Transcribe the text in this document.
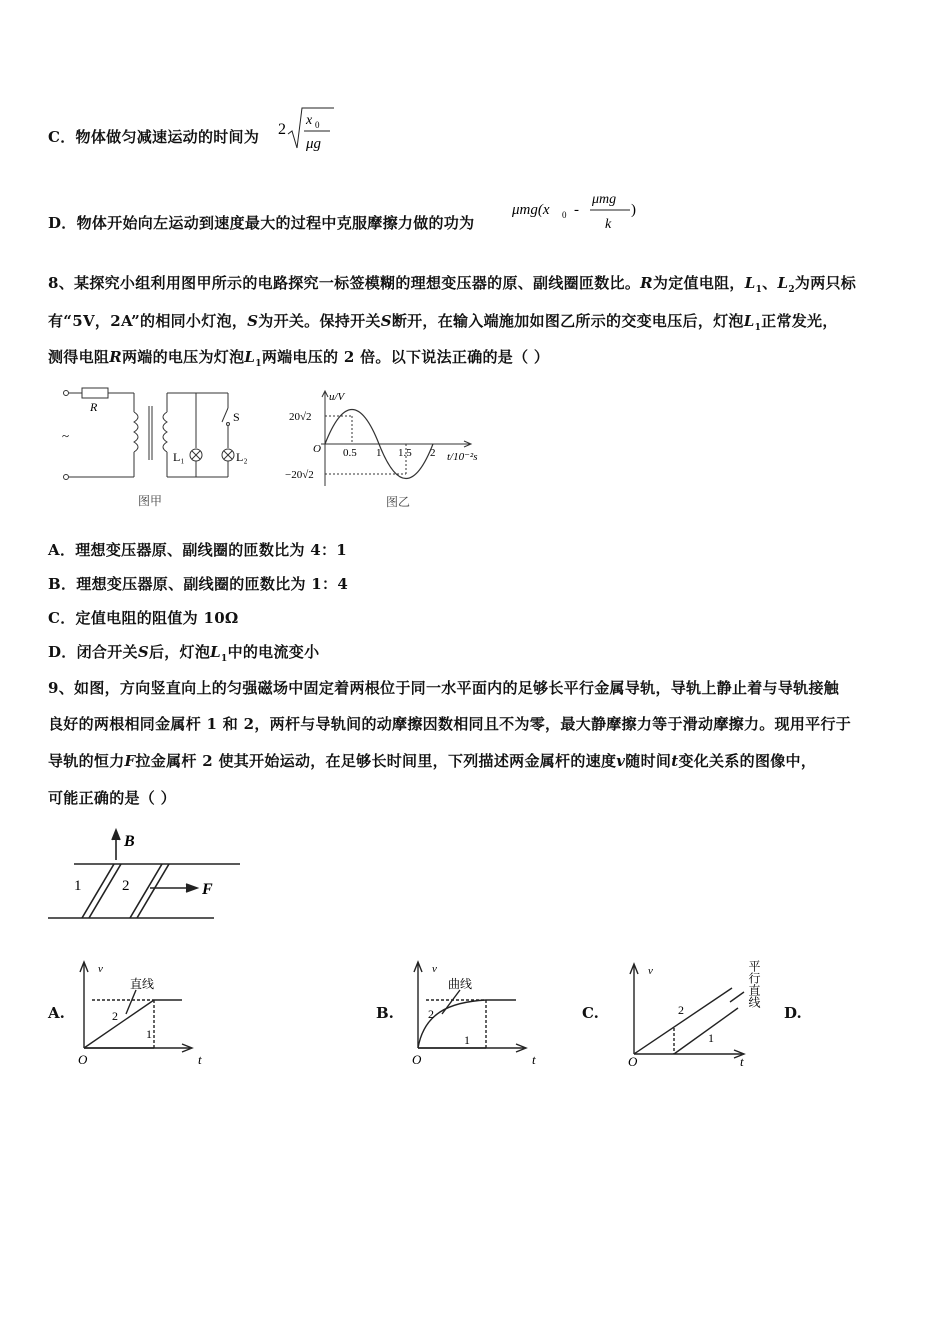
C．物体做匀减速运动的时间为 2
x 0
μg
D．物体开始向左运动到速度最大的过程中克服摩擦力做的功为
μmg(x 0 -
μmg
k
)
8、某探究小组利用图甲所示的电路探究一标签模糊的理想变压器的原、副线圈匝数比。R为定值电阻，$L_1$、$L_2$为两只标
有“5V，2A”的相同小灯泡，S为开关。保持开关S断开，在输入端施加如图乙所示的交变电压后，灯泡$L_1$正常发光，
测得电阻R两端的电压为灯泡$L_1$两端电压的 2 倍。以下说法正确的是（ ）
R
S
L₁	L₂
~
图甲
u/V
20√2
−20√2
O 0.5 1 1.5 2 t/10⁻²s
图乙
A．理想变压器原、副线圈的匝数比为 4：1
B．理想变压器原、副线圈的匝数比为 1：4
C．定值电阻的阻值为 10Ω
D．闭合开关S后，灯泡$L_1$中的电流变小
9、如图，方向竖直向上的匀强磁场中固定着两根位于同一水平面内的足够长平行金属导轨，导轨上静止着与导轨接触
良好的两根相同金属杆 1 和 2，两杆与导轨间的动摩擦因数相同且不为零，最大静摩擦力等于滑动摩擦力。现用平行于
导轨的恒力F拉金属杆 2 使其开始运动，在足够长时间里，下列描述两金属杆的速度v随时间t变化关系的图像中，
可能正确的是（ ）
B
F
1	2
A.
v
直线
2
1
O	t
B.
v
曲线
2
1
O	t
C.
v
2
1
O	t
平行直线
D.
